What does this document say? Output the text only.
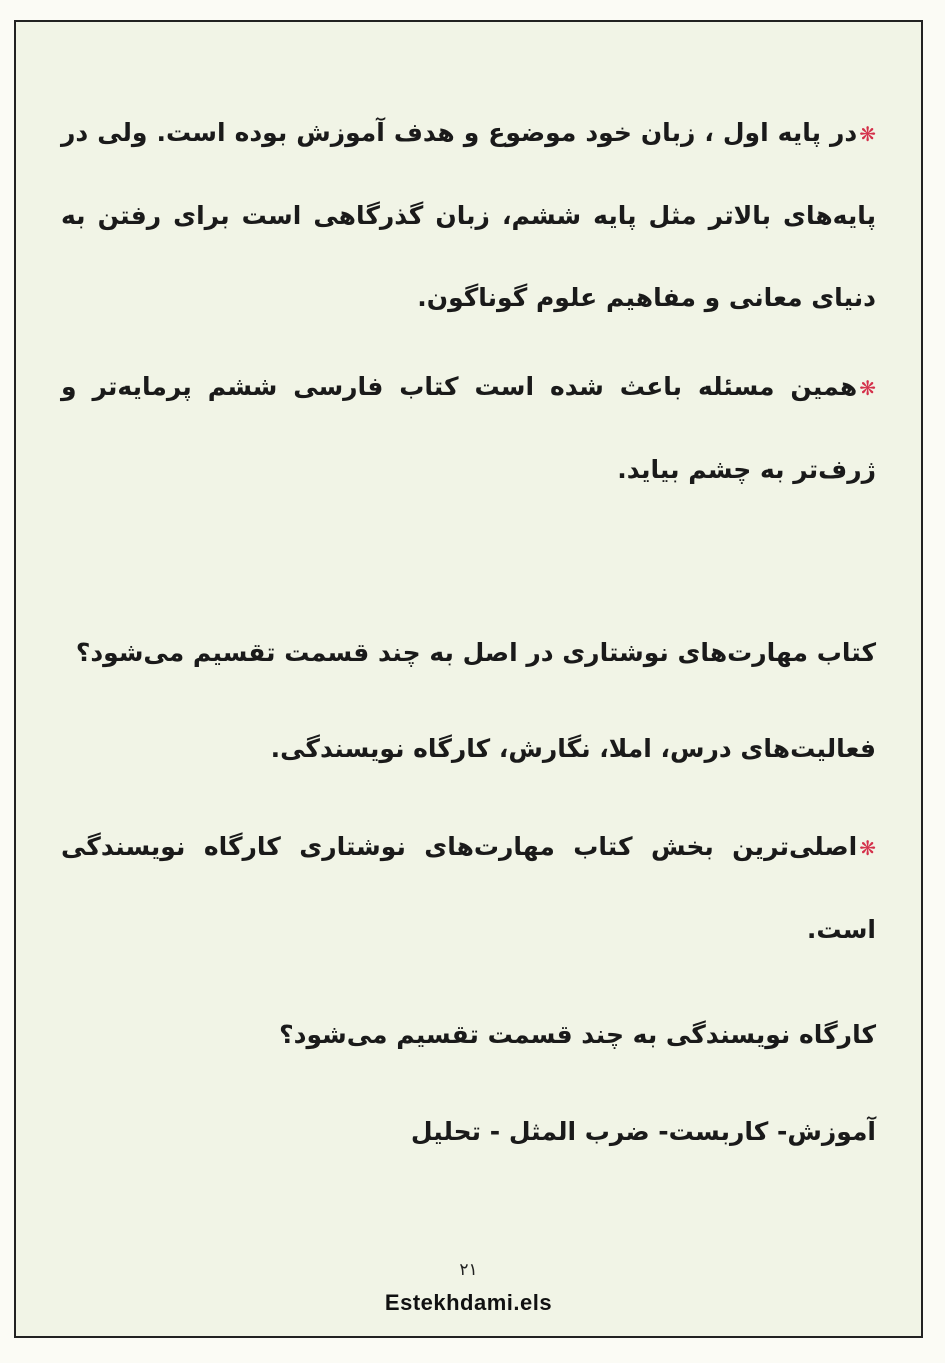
❋در پایه اول ، زبان خود موضوع و هدف آموزش بوده است. ولی در پایه‌های بالاتر مثل پایه ششم، زبان گذرگاهی است برای رفتن به دنیای معانی و مفاهیم علوم گوناگون.

❋همین مسئله باعث شده است کتاب فارسی ششم پرمایه‌تر و ژرف‌تر به چشم بیاید.

کتاب مهارت‌های نوشتاری در اصل به چند قسمت تقسیم می‌شود؟

فعالیت‌های درس، املا، نگارش، کارگاه نویسندگی.

❋اصلی‌ترین بخش کتاب مهارت‌های نوشتاری کارگاه نویسندگی است.

کارگاه نویسندگی به چند قسمت تقسیم می‌شود؟

آموزش- کاربست- ضرب المثل - تحلیل

۲۱
Estekhdami.els
